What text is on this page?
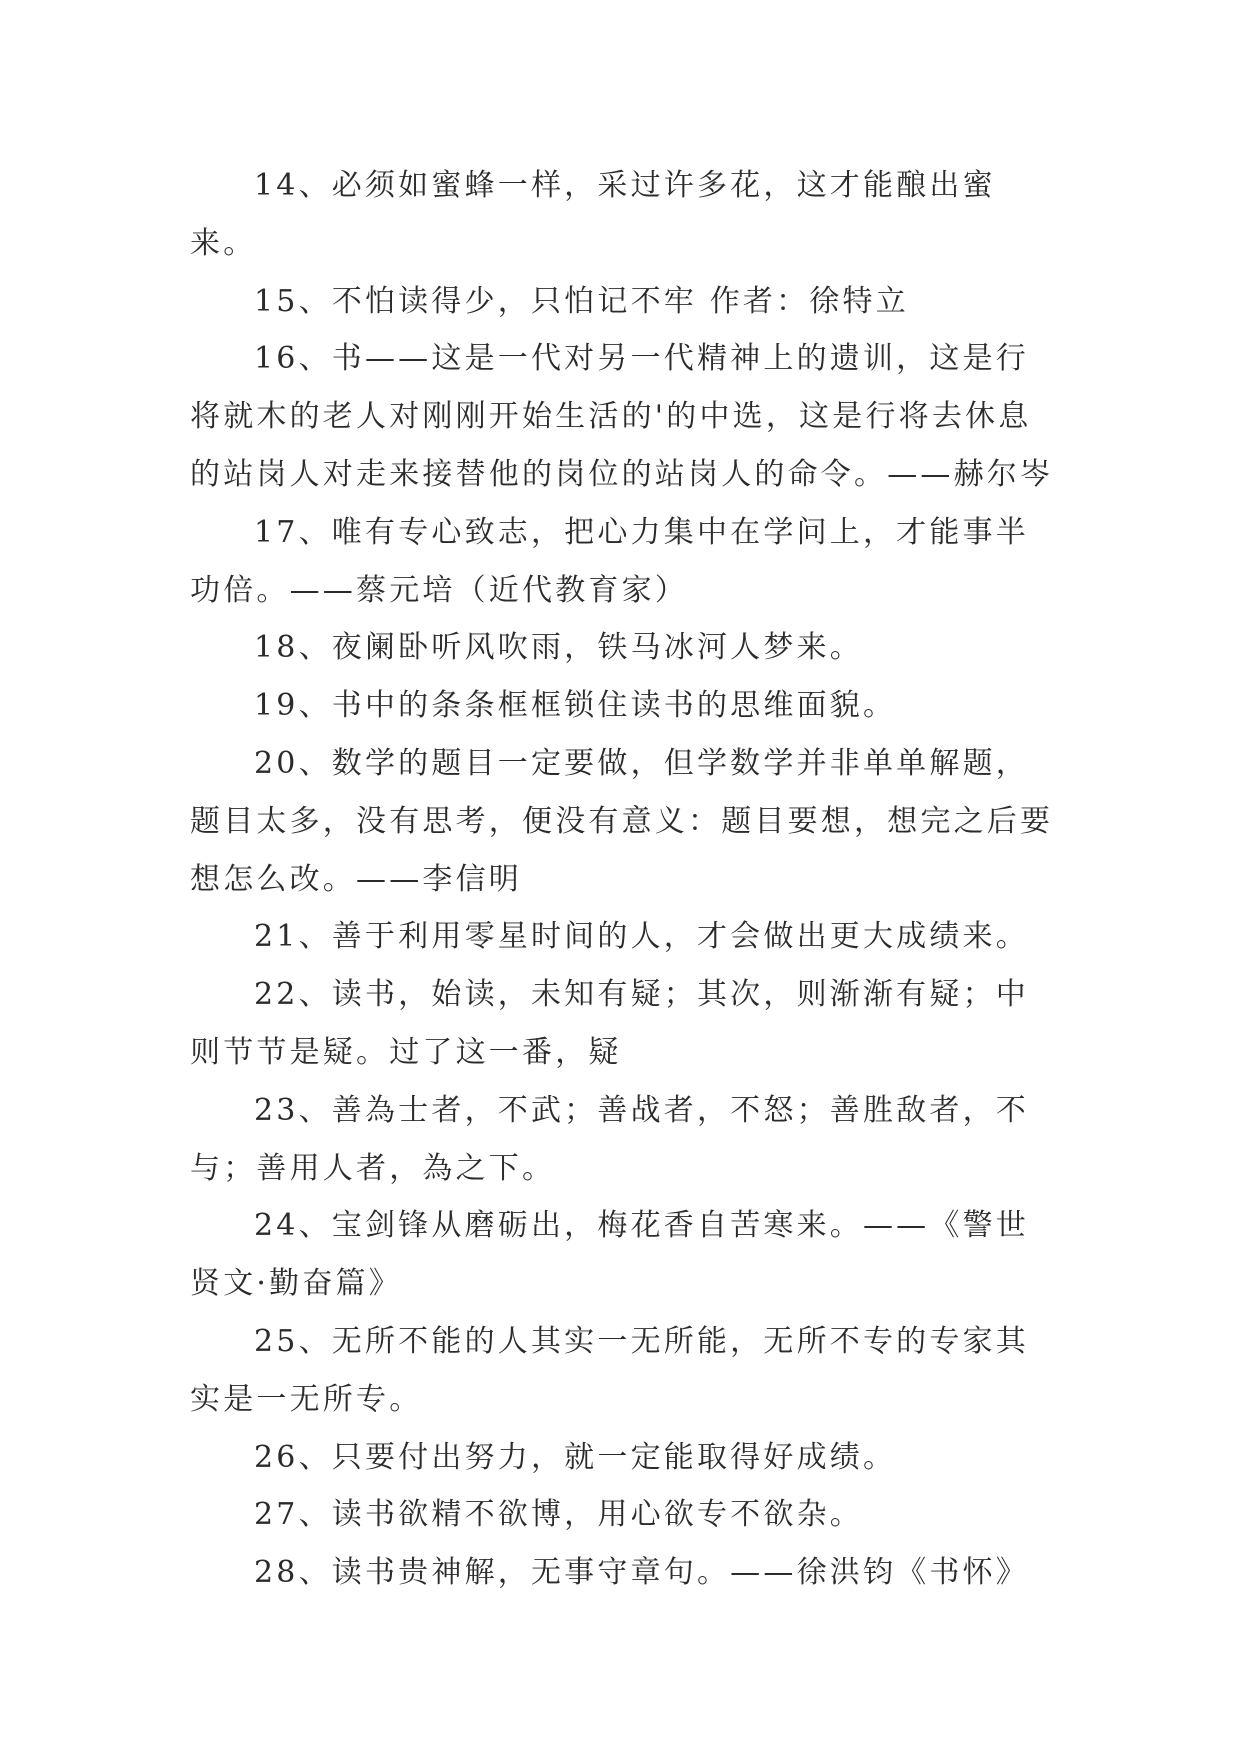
14、必须如蜜蜂一样，采过许多花，这才能酿出蜜来。

15、不怕读得少，只怕记不牢 作者：徐特立

16、书——这是一代对另一代精神上的遗训，这是行将就木的老人对刚刚开始生活的'的中选，这是行将去休息的站岗人对走来接替他的岗位的站岗人的命令。——赫尔岑

17、唯有专心致志，把心力集中在学问上，才能事半功倍。——蔡元培（近代教育家）

18、夜阑卧听风吹雨，铁马冰河人梦来。

19、书中的条条框框锁住读书的思维面貌。

20、数学的题目一定要做，但学数学并非单单解题，题目太多，没有思考，便没有意义：题目要想，想完之后要想怎么改。——李信明

21、善于利用零星时间的人，才会做出更大成绩来。

22、读书，始读，未知有疑；其次，则渐渐有疑；中则节节是疑。过了这一番，疑

23、善為士者，不武；善战者，不怒；善胜敌者，不与；善用人者，為之下。

24、宝剑锋从磨砺出，梅花香自苦寒来。——《警世贤文·勤奋篇》

25、无所不能的人其实一无所能，无所不专的专家其实是一无所专。

26、只要付出努力，就一定能取得好成绩。

27、读书欲精不欲博，用心欲专不欲杂。

28、读书贵神解，无事守章句。——徐洪钧《书怀》
